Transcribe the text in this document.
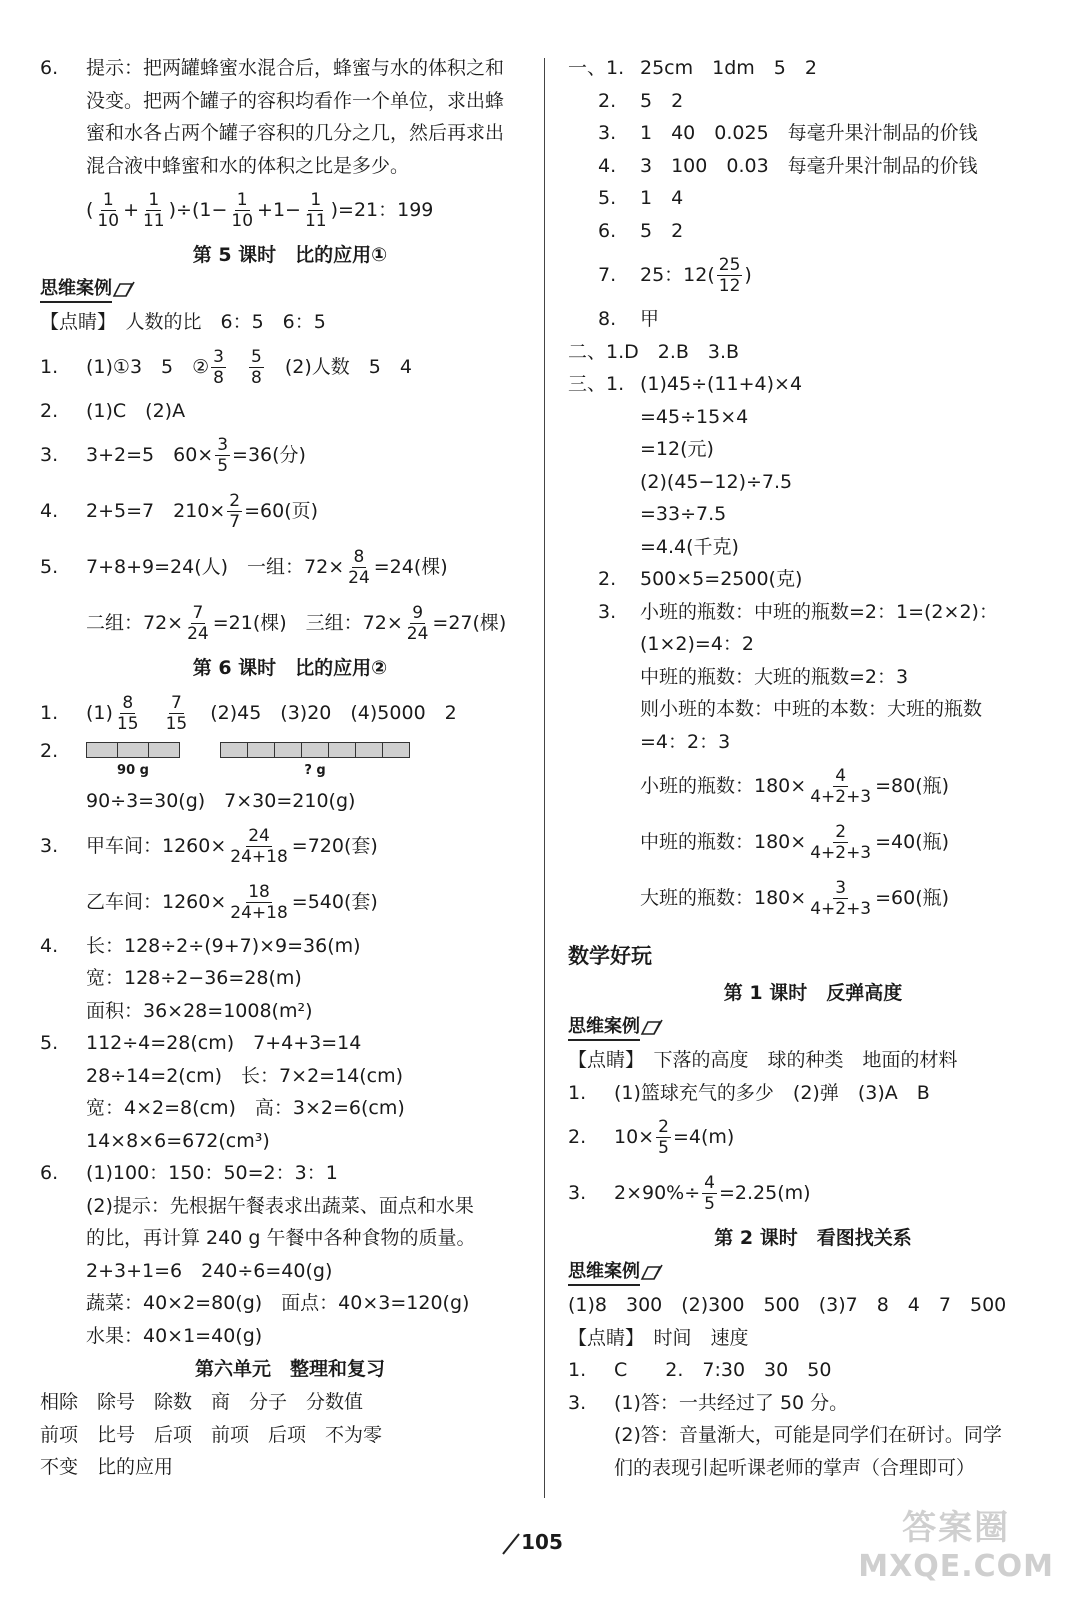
6. 提示：把两罐蜂蜜水混合后，蜂蜜与水的体积之和
没变。把两个罐子的容积均看作一个单位，求出蜂
蜜和水各占两个罐子容积的几分之几，然后再求出
混合液中蜂蜜和水的体积之比是多少。
( $\frac{1}{10} + \frac{1}{11} )\div(1- \frac{1}{10} +1- \frac{1}{11} )=21$：199
第 5 课时　比的应用①
思维案例
【点睛】　人数的比　6：5　6：5
1. (1)①3　5　② $\frac{3}{8}$
  $\frac{5}{8}$ 　(2)人数　5　4
2. (1)C　(2)A
3. 3+2=5　$60\times \frac{3}{5} =36$(分)
4. 2+5=7　$210\times \frac{2}{7} =60$(页)
5. 7+8+9=24(人)　一组：$72\times \frac{8}{24} =24$(棵)
二组：$72\times \frac{7}{24} =21$(棵)　三组：$72\times \frac{9}{24} =27$(棵)
第 6 课时　比的应用②
1. $(1) \frac{8}{15}$
  $\frac{7}{15}$ 　(2)45　(3)20　(4)5000　2
2.
90 g	? g
90÷3=30(g)　7×30=210(g)
3. 甲车间：$1260\times \frac{24}{24+18} =720$(套)
乙车间：$1260\times \frac{18}{24+18} =540$(套)
4. 长：128÷2÷(9+7)×9=36(m)
宽：128÷2−36=28(m)
面积：36×28=1008(m²)
5. 112÷4=28(cm)　7+4+3=14
28÷14=2(cm)　长：7×2=14(cm)
宽：4×2=8(cm)　高：3×2=6(cm)
14×8×6=672(cm³)
6. (1)100：150：50=2：3：1
(2)提示：先根据午餐表求出蔬菜、面点和水果
的比，再计算 240 g 午餐中各种食物的质量。
2+3+1=6　240÷6=40(g)
蔬菜：40×2=80(g)　面点：40×3=120(g)
水果：40×1=40(g)
第六单元　整理和复习
相除　除号　除数　商　分子　分数值
前项　比号　后项　前项　后项　不为零
不变　比的应用
一、1. 25cm　1dm　5　2
2. 5　2
3. 1　40　0.025　每毫升果汁制品的价钱
4. 3　100　0.03　每毫升果汁制品的价钱
5. 1　4
6. 5　2
7. 25：$12( \frac{25}{12}$ )
8. 甲
二、1.D　2.B　3.B
三、1. (1)45÷(11+4)×4
=45÷15×4
=12(元)
(2)(45−12)÷7.5
=33÷7.5
=4.4(千克)
2. 500×5=2500(克)
3. 小班的瓶数：中班的瓶数=2：1=(2×2)：
(1×2)=4：2
中班的瓶数：大班的瓶数=2：3
则小班的本数：中班的本数：大班的瓶数
=4：2：3
小班的瓶数：$180\times \frac{4}{4+2+3} =80$(瓶)
中班的瓶数：$180\times \frac{2}{4+2+3} =40$(瓶)
大班的瓶数：$180\times \frac{3}{4+2+3} =60$(瓶)
数学好玩
第 1 课时　反弹高度
思维案例
【点睛】　下落的高度　球的种类　地面的材料
1. (1)篮球充气的多少　(2)弹　(3)A　B
2. $10\times \frac{2}{5} =4(m)$
3. $2\times 90\%\div \frac{4}{5} =2.25(m)$
第 2 课时　看图找关系
思维案例
(1)8　300　(2)300　500　(3)7　8　4　7　500
【点睛】　时间　速度
1. C　　2.　7:30　30　50
3. (1)答：一共经过了 50 分。
(2)答：音量渐大，可能是同学们在研讨。同学
们的表现引起听课老师的掌声（合理即可）
105	答案圈
MXQE.COM
